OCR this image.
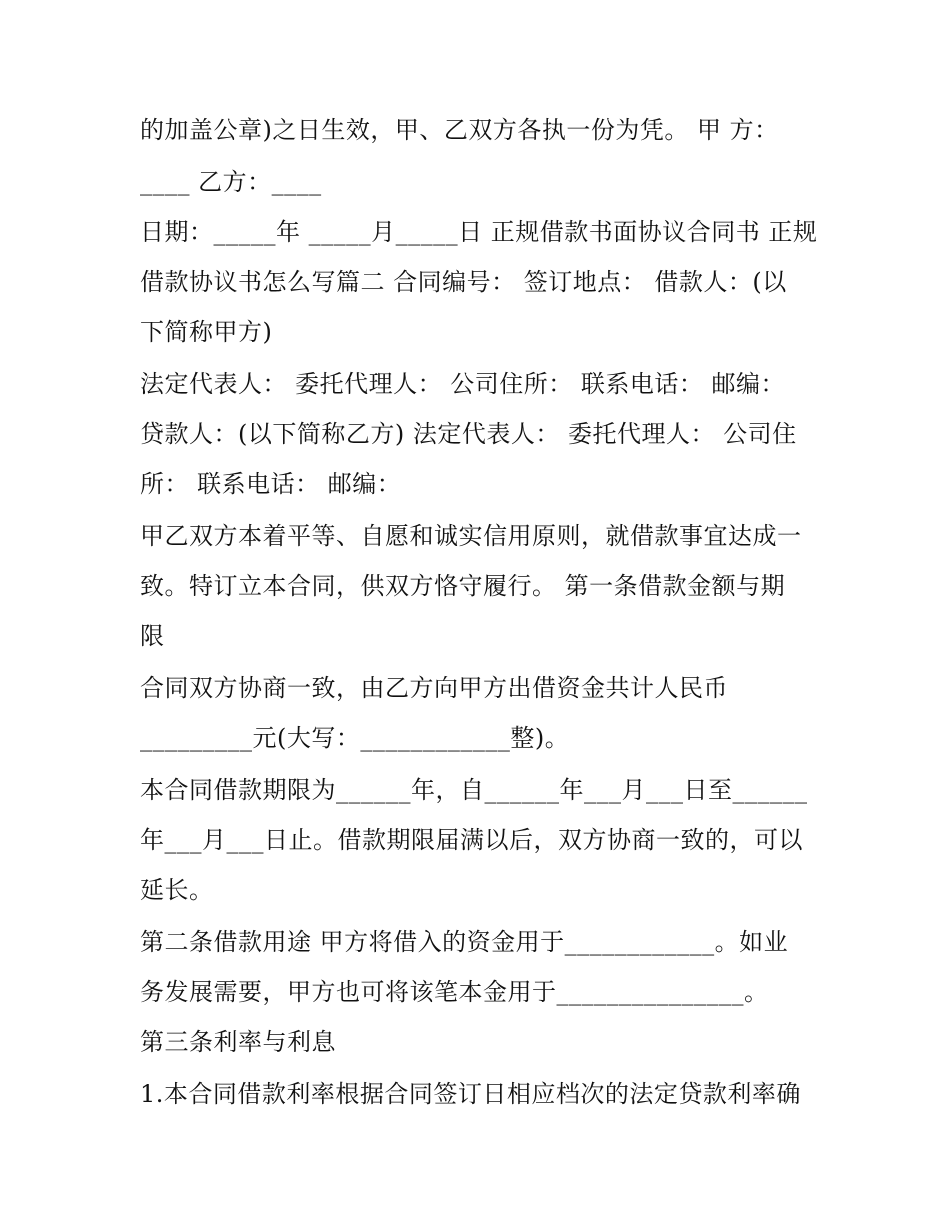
的加盖公章)之日生效，甲、乙双方各执一份为凭。 甲 方：

____ 乙方：____

日期：_____年 _____月_____日 正规借款书面协议合同书 正规

借款协议书怎么写篇二 合同编号： 签订地点： 借款人：(以

下简称甲方)

法定代表人： 委托代理人： 公司住所： 联系电话： 邮编：

贷款人：(以下简称乙方) 法定代表人： 委托代理人： 公司住

所： 联系电话： 邮编：

甲乙双方本着平等、自愿和诚实信用原则，就借款事宜达成一

致。特订立本合同，供双方恪守履行。 第一条借款金额与期

限

合同双方协商一致，由乙方向甲方出借资金共计人民币

_________元(大写：____________整)。

本合同借款期限为______年，自______年___月___日至______

年___月___日止。借款期限届满以后，双方协商一致的，可以

延长。

第二条借款用途 甲方将借入的资金用于____________。如业

务发展需要，甲方也可将该笔本金用于_______________。

第三条利率与利息

1.本合同借款利率根据合同签订日相应档次的法定贷款利率确
